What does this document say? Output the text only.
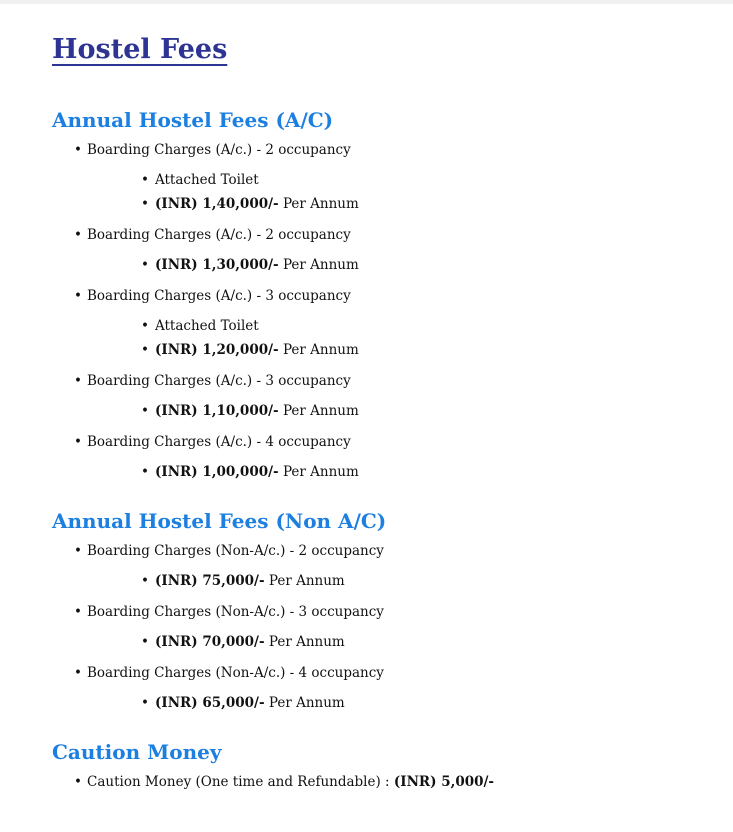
Hostel Fees
Annual Hostel Fees (A/C)
• Boarding Charges (A/c.) - 2 occupancy
• Attached Toilet
• (INR) 1,40,000/- Per Annum
• Boarding Charges (A/c.) - 2 occupancy
• (INR) 1,30,000/- Per Annum
• Boarding Charges (A/c.) - 3 occupancy
• Attached Toilet
• (INR) 1,20,000/- Per Annum
• Boarding Charges (A/c.) - 3 occupancy
• (INR) 1,10,000/- Per Annum
• Boarding Charges (A/c.) - 4 occupancy
• (INR) 1,00,000/- Per Annum
Annual Hostel Fees (Non A/C)
• Boarding Charges (Non-A/c.) - 2 occupancy
• (INR) 75,000/- Per Annum
• Boarding Charges (Non-A/c.) - 3 occupancy
• (INR) 70,000/- Per Annum
• Boarding Charges (Non-A/c.) - 4 occupancy
• (INR) 65,000/- Per Annum
Caution Money
• Caution Money (One time and Refundable) : (INR) 5,000/-
